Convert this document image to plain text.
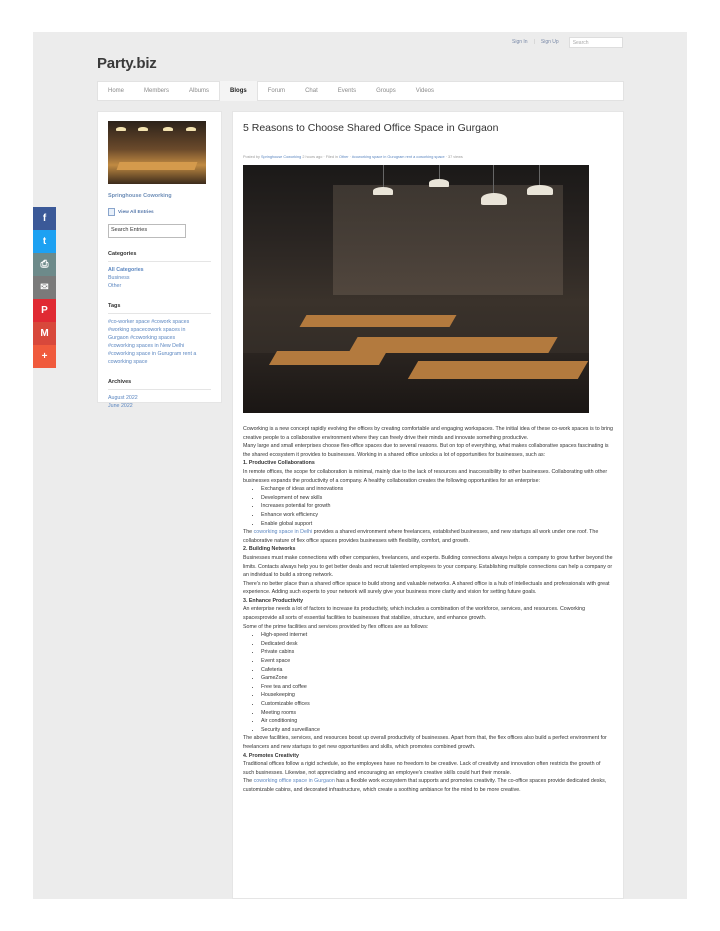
Sign In | Sign Up	Search
Party.biz
Home	Members	Albums	Blogs	Forum	Chat	Events	Groups	Videos
f
t
⎙
✉
P
M
+
Springhouse Coworking
View All Entries
Search Entries
Categories
All Categories
Business
Other
Tags
#co-worker space #cowork spaces
#working spacecowork spaces in
Gurgaon #coworking spaces
#coworking spaces in New Delhi
#coworking space in Gurugram rent a coworking space
Archives
August 2022
June 2022
5 Reasons to Choose Shared Office Space in Gurgaon
Posted by Springhouse Coworking 2 hours ago · Filed in Other · #coworking space in Gurugram rent a coworking space · 37 views

Coworking is a new concept rapidly evolving the offices by creating comfortable and engaging workspaces. The initial idea of these co-work spaces is to bring creative people to a collaborative environment where they can freely drive their minds and innovate something productive.

Many large and small enterprises choose flex-office spaces due to several reasons. But on top of everything, what makes collaborative spaces fascinating is the shared ecosystem it provides to businesses. Working in a shared office unlocks a lot of opportunities for businesses, such as:

1. Productive Collaborations

In remote offices, the scope for collaboration is minimal, mainly due to the lack of resources and inaccessibility to other businesses. Collaborating with other businesses expands the productivity of a company. A healthy collaboration creates the following opportunities for an enterprise:

• Exchange of ideas and innovations
• Development of new skills
• Increases potential for growth
• Enhance work efficiency
• Enable global support

The coworking space in Delhi provides a shared environment where freelancers, established businesses, and new startups all work under one roof. The collaborative nature of flex office spaces provides businesses with flexibility, comfort, and growth.

2. Building Networks

Businesses must make connections with other companies, freelancers, and experts. Building connections always helps a company to grow further beyond the limits. Contacts always help you to get better deals and recruit talented employees to your company. Establishing multiple connections can help a company or an individual to build a strong network.

There's no better place than a shared office space to build strong and valuable networks. A shared office is a hub of intellectuals and professionals with great experience. Adding such experts to your network will surely give your business more clarity and vision for setting future goals.

3. Enhance Productivity

An enterprise needs a lot of factors to increase its productivity, which includes a combination of the workforce, services, and resources. Coworking spacesprovide all sorts of essential facilities to businesses that stabilize, structure, and enhance growth.

Some of the prime facilities and services provided by flex offices are as follows:

• High-speed internet
• Dedicated desk
• Private cabins
• Event space
• Cafeteria
• GameZone
• Free tea and coffee
• Housekeeping
• Customizable offices
• Meeting rooms
• Air conditioning
• Security and surveillance

The above facilities, services, and resources boost up overall productivity of businesses. Apart from that, the flex offices also build a perfect environment for freelancers and new startups to get new opportunities and skills, which promotes combined growth.

4. Promotes Creativity

Traditional offices follow a rigid schedule, so the employees have no freedom to be creative. Lack of creativity and innovation often restricts the growth of such businesses. Likewise, not appreciating and encouraging an employee's creative skills could hurt their morale.

The coworking office space in Gurgaon has a flexible work ecosystem that supports and promotes creativity. The co-office spaces provide dedicated desks, customizable cabins, and decorated infrastructure, which create a soothing ambiance for the mind to be more creative.
